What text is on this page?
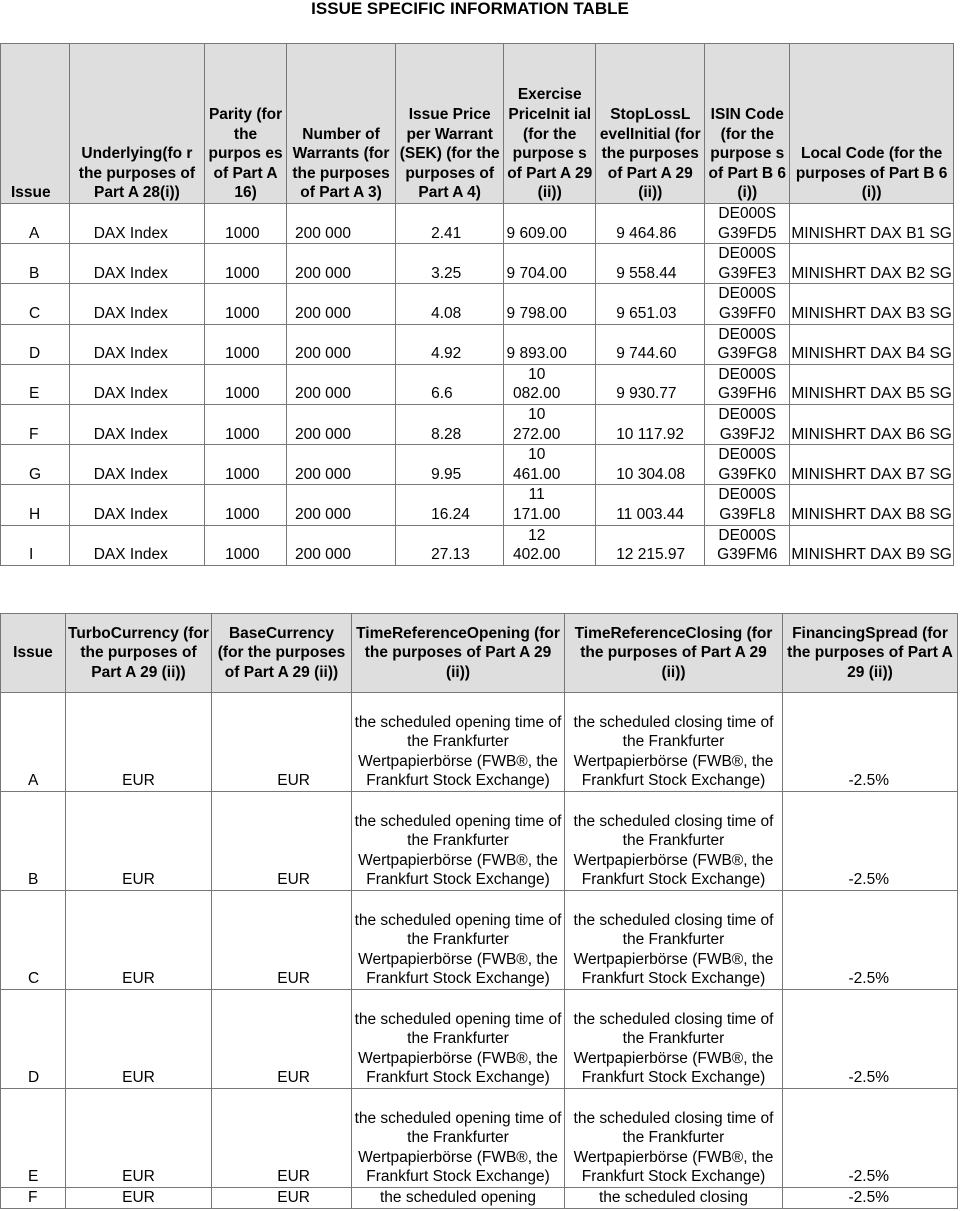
ISSUE SPECIFIC INFORMATION TABLE
Issue	Underlying(fo r the purposes of Part A 28(i))	Parity (for the purpos es of Part A 16)	Number of Warrants (for the purposes of Part A 3)	Issue Price per Warrant (SEK) (for the purposes of Part A 4)	Exercise PriceInit ial (for the purpose s of Part A 29 (ii))	StopLossL evelInitial (for the purposes of Part A 29 (ii))	ISIN Code (for the purpose s of Part B 6 (i))	Local Code (for the purposes of Part B 6 (i))
A	DAX Index	1000	200 000	2.41	9 609.00	9 464.86	DE000S G39FD5	MINISHRT DAX B1 SG
B	DAX Index	1000	200 000	3.25	9 704.00	9 558.44	DE000S G39FE3	MINISHRT DAX B2 SG
C	DAX Index	1000	200 000	4.08	9 798.00	9 651.03	DE000S G39FF0	MINISHRT DAX B3 SG
D	DAX Index	1000	200 000	4.92	9 893.00	9 744.60	DE000S G39FG8	MINISHRT DAX B4 SG
E	DAX Index	1000	200 000	6.6	10 082.00	9 930.77	DE000S G39FH6	MINISHRT DAX B5 SG
F	DAX Index	1000	200 000	8.28	10 272.00	10 117.92	DE000S G39FJ2	MINISHRT DAX B6 SG
G	DAX Index	1000	200 000	9.95	10 461.00	10 304.08	DE000S G39FK0	MINISHRT DAX B7 SG
H	DAX Index	1000	200 000	16.24	11 171.00	11 003.44	DE000S G39FL8	MINISHRT DAX B8 SG
I	DAX Index	1000	200 000	27.13	12 402.00	12 215.97	DE000S G39FM6	MINISHRT DAX B9 SG
Issue	TurboCurrency (for the purposes of Part A 29 (ii))	BaseCurrency (for the purposes of Part A 29 (ii))	TimeReferenceOpening (for the purposes of Part A 29 (ii))	TimeReferenceClosing (for the purposes of Part A 29 (ii))	FinancingSpread (for the purposes of Part A 29 (ii))
A	EUR	EUR	the scheduled opening time of the Frankfurter Wertpapierbörse (FWB®, the Frankfurt Stock Exchange)	the scheduled closing time of the Frankfurter Wertpapierbörse (FWB®, the Frankfurt Stock Exchange)	-2.5%
B	EUR	EUR	the scheduled opening time of the Frankfurter Wertpapierbörse (FWB®, the Frankfurt Stock Exchange)	the scheduled closing time of the Frankfurter Wertpapierbörse (FWB®, the Frankfurt Stock Exchange)	-2.5%
C	EUR	EUR	the scheduled opening time of the Frankfurter Wertpapierbörse (FWB®, the Frankfurt Stock Exchange)	the scheduled closing time of the Frankfurter Wertpapierbörse (FWB®, the Frankfurt Stock Exchange)	-2.5%
D	EUR	EUR	the scheduled opening time of the Frankfurter Wertpapierbörse (FWB®, the Frankfurt Stock Exchange)	the scheduled closing time of the Frankfurter Wertpapierbörse (FWB®, the Frankfurt Stock Exchange)	-2.5%
E	EUR	EUR	the scheduled opening time of the Frankfurter Wertpapierbörse (FWB®, the Frankfurt Stock Exchange)	the scheduled closing time of the Frankfurter Wertpapierbörse (FWB®, the Frankfurt Stock Exchange)	-2.5%
F	EUR	EUR	the scheduled opening	the scheduled closing	-2.5%
